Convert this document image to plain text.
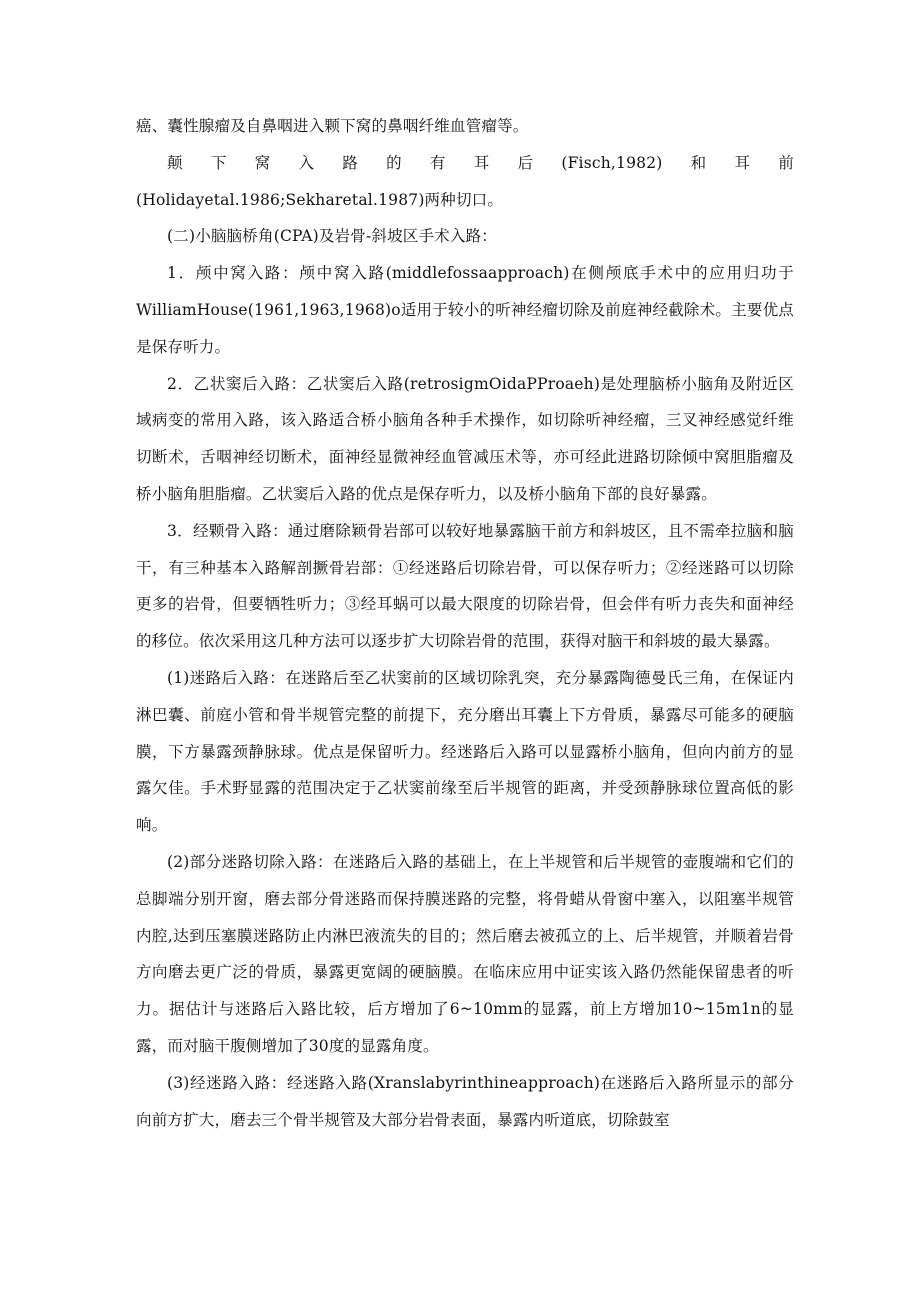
癌、囊性腺瘤及自鼻咽进入颗下窝的鼻咽纤维血管瘤等。

颠　下　窝　入　路　的　有　耳　后　(Fisch,1982)　和　耳　前

(Holidayetal.1986;Sekharetal.1987)两种切口。

(二)小脑脑桥角(CPA)及岩骨-斜坡区手术入路：

1．颅中窝入路：颅中窝入路(middlefossaapproach)在侧颅底手术中的应用归功于WilliamHouse(1961,1963,1968)o适用于较小的听神经瘤切除及前庭神经截除术。主要优点是保存听力。

2．乙状窦后入路：乙状窦后入路(retrosigmOidaPProaeh)是处理脑桥小脑角及附近区域病变的常用入路，该入路适合桥小脑角各种手术操作，如切除听神经瘤，三叉神经感觉纤维切断术，舌咽神经切断术，面神经显微神经血管减压术等，亦可经此进路切除倾中窝胆脂瘤及桥小脑角胆脂瘤。乙状窦后入路的优点是保存听力，以及桥小脑角下部的良好暴露。

3．经颗骨入路：通过磨除颖骨岩部可以较好地暴露脑干前方和斜坡区，且不需牵拉脑和脑干，有三种基本入路解剖撅骨岩部：①经迷路后切除岩骨，可以保存听力；②经迷路可以切除更多的岩骨，但要牺牲听力；③经耳蜗可以最大限度的切除岩骨，但会伴有听力丧失和面神经的移位。依次采用这几种方法可以逐步扩大切除岩骨的范围，获得对脑干和斜坡的最大暴露。

(1)迷路后入路：在迷路后至乙状窦前的区域切除乳突，充分暴露陶德曼氏三角，在保证内淋巴囊、前庭小管和骨半规管完整的前提下，充分磨出耳囊上下方骨质，暴露尽可能多的硬脑膜，下方暴露颈静脉球。优点是保留听力。经迷路后入路可以显露桥小脑角，但向内前方的显露欠佳。手术野显露的范围决定于乙状窦前缘至后半规管的距离，并受颈静脉球位置高低的影响。

(2)部分迷路切除入路：在迷路后入路的基础上，在上半规管和后半规管的壶腹端和它们的总脚端分别开窗，磨去部分骨迷路而保持膜迷路的完整，将骨蜡从骨窗中塞入，以阻塞半规管内腔,达到压塞膜迷路防止内淋巴液流失的目的；然后磨去被孤立的上、后半规管，并顺着岩骨方向磨去更广泛的骨质，暴露更宽阔的硬脑膜。在临床应用中证实该入路仍然能保留患者的听力。据估计与迷路后入路比较，后方增加了6~10mm的显露，前上方增加10~15m1n的显露，而对脑干腹侧增加了30度的显露角度。

(3)经迷路入路：经迷路入路(Xranslabyrinthineapproach)在迷路后入路所显示的部分向前方扩大，磨去三个骨半规管及大部分岩骨表面，暴露内听道底，切除鼓室
